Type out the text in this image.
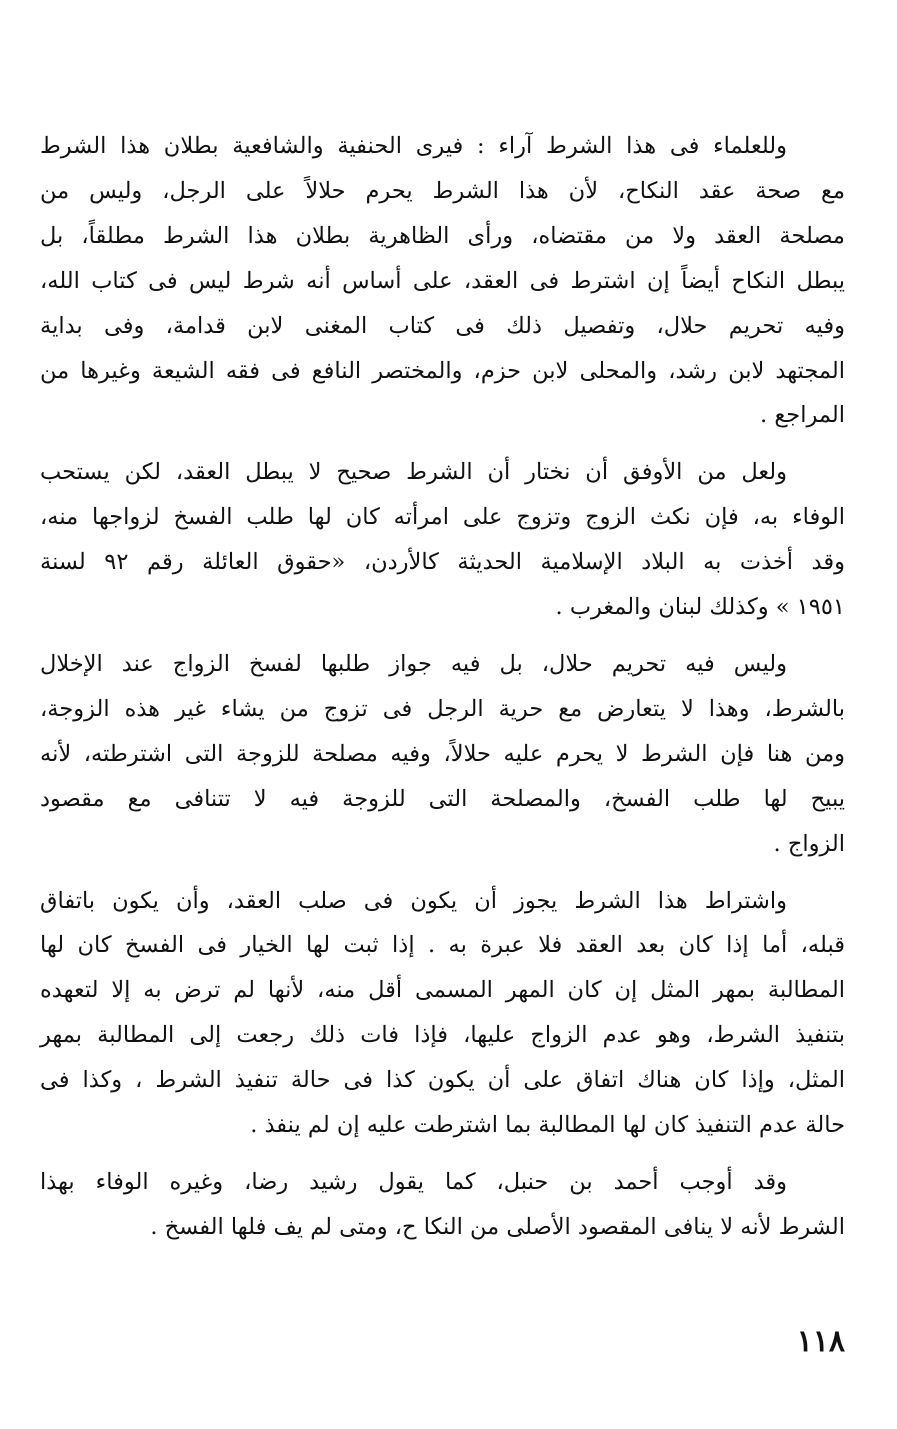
وللعلماء فى هذا الشرط آراء : فيرى الحنفية والشافعية بطلان هذا الشرط
مع صحة عقد النكاح، لأن هذا الشرط يحرم حلالاً على الرجل، وليس من
مصلحة العقد ولا من مقتضاه، ورأى الظاهرية بطلان هذا الشرط مطلقاً، بل
يبطل النكاح أيضاً إن اشترط فى العقد، على أساس أنه شرط ليس فى كتاب الله،
وفيه تحريم حلال، وتفصيل ذلك فى كتاب المغنى لابن قدامة، وفى بداية
المجتهد لابن رشد، والمحلى لابن حزم، والمختصر النافع فى فقه الشيعة وغيرها من
المراجع .

ولعل من الأوفق أن نختار أن الشرط صحيح لا يبطل العقد، لكن يستحب
الوفاء به، فإن نكث الزوج وتزوج على امرأته كان لها طلب الفسخ لزواجها منه،
وقد أخذت به البلاد الإسلامية الحديثة كالأردن، «حقوق العائلة رقم ٩٢ لسنة
١٩٥١ » وكذلك لبنان والمغرب .

وليس فيه تحريم حلال، بل فيه جواز طلبها لفسخ الزواج عند الإخلال
بالشرط، وهذا لا يتعارض مع حرية الرجل فى تزوج من يشاء غير هذه الزوجة،
ومن هنا فإن الشرط لا يحرم عليه حلالاً، وفيه مصلحة للزوجة التى اشترطته، لأنه
يبيح لها طلب الفسخ، والمصلحة التى للزوجة فيه لا تتنافى مع مقصود
الزواج .

واشتراط هذا الشرط يجوز أن يكون فى صلب العقد، وأن يكون باتفاق
قبله، أما إذا كان بعد العقد فلا عبرة به . إذا ثبت لها الخيار فى الفسخ كان لها
المطالبة بمهر المثل إن كان المهر المسمى أقل منه، لأنها لم ترض به إلا لتعهده
بتنفيذ الشرط، وهو عدم الزواج عليها، فإذا فات ذلك رجعت إلى المطالبة بمهر
المثل، وإذا كان هناك اتفاق على أن يكون كذا فى حالة تنفيذ الشرط ، وكذا فى
حالة عدم التنفيذ كان لها المطالبة بما اشترطت عليه إن لم ينفذ .

وقد أوجب أحمد بن حنبل، كما يقول رشيد رضا، وغيره الوفاء بهذا
الشرط لأنه لا ينافى المقصود الأصلى من النكا ح، ومتى لم يف فلها الفسخ .

١١٨
